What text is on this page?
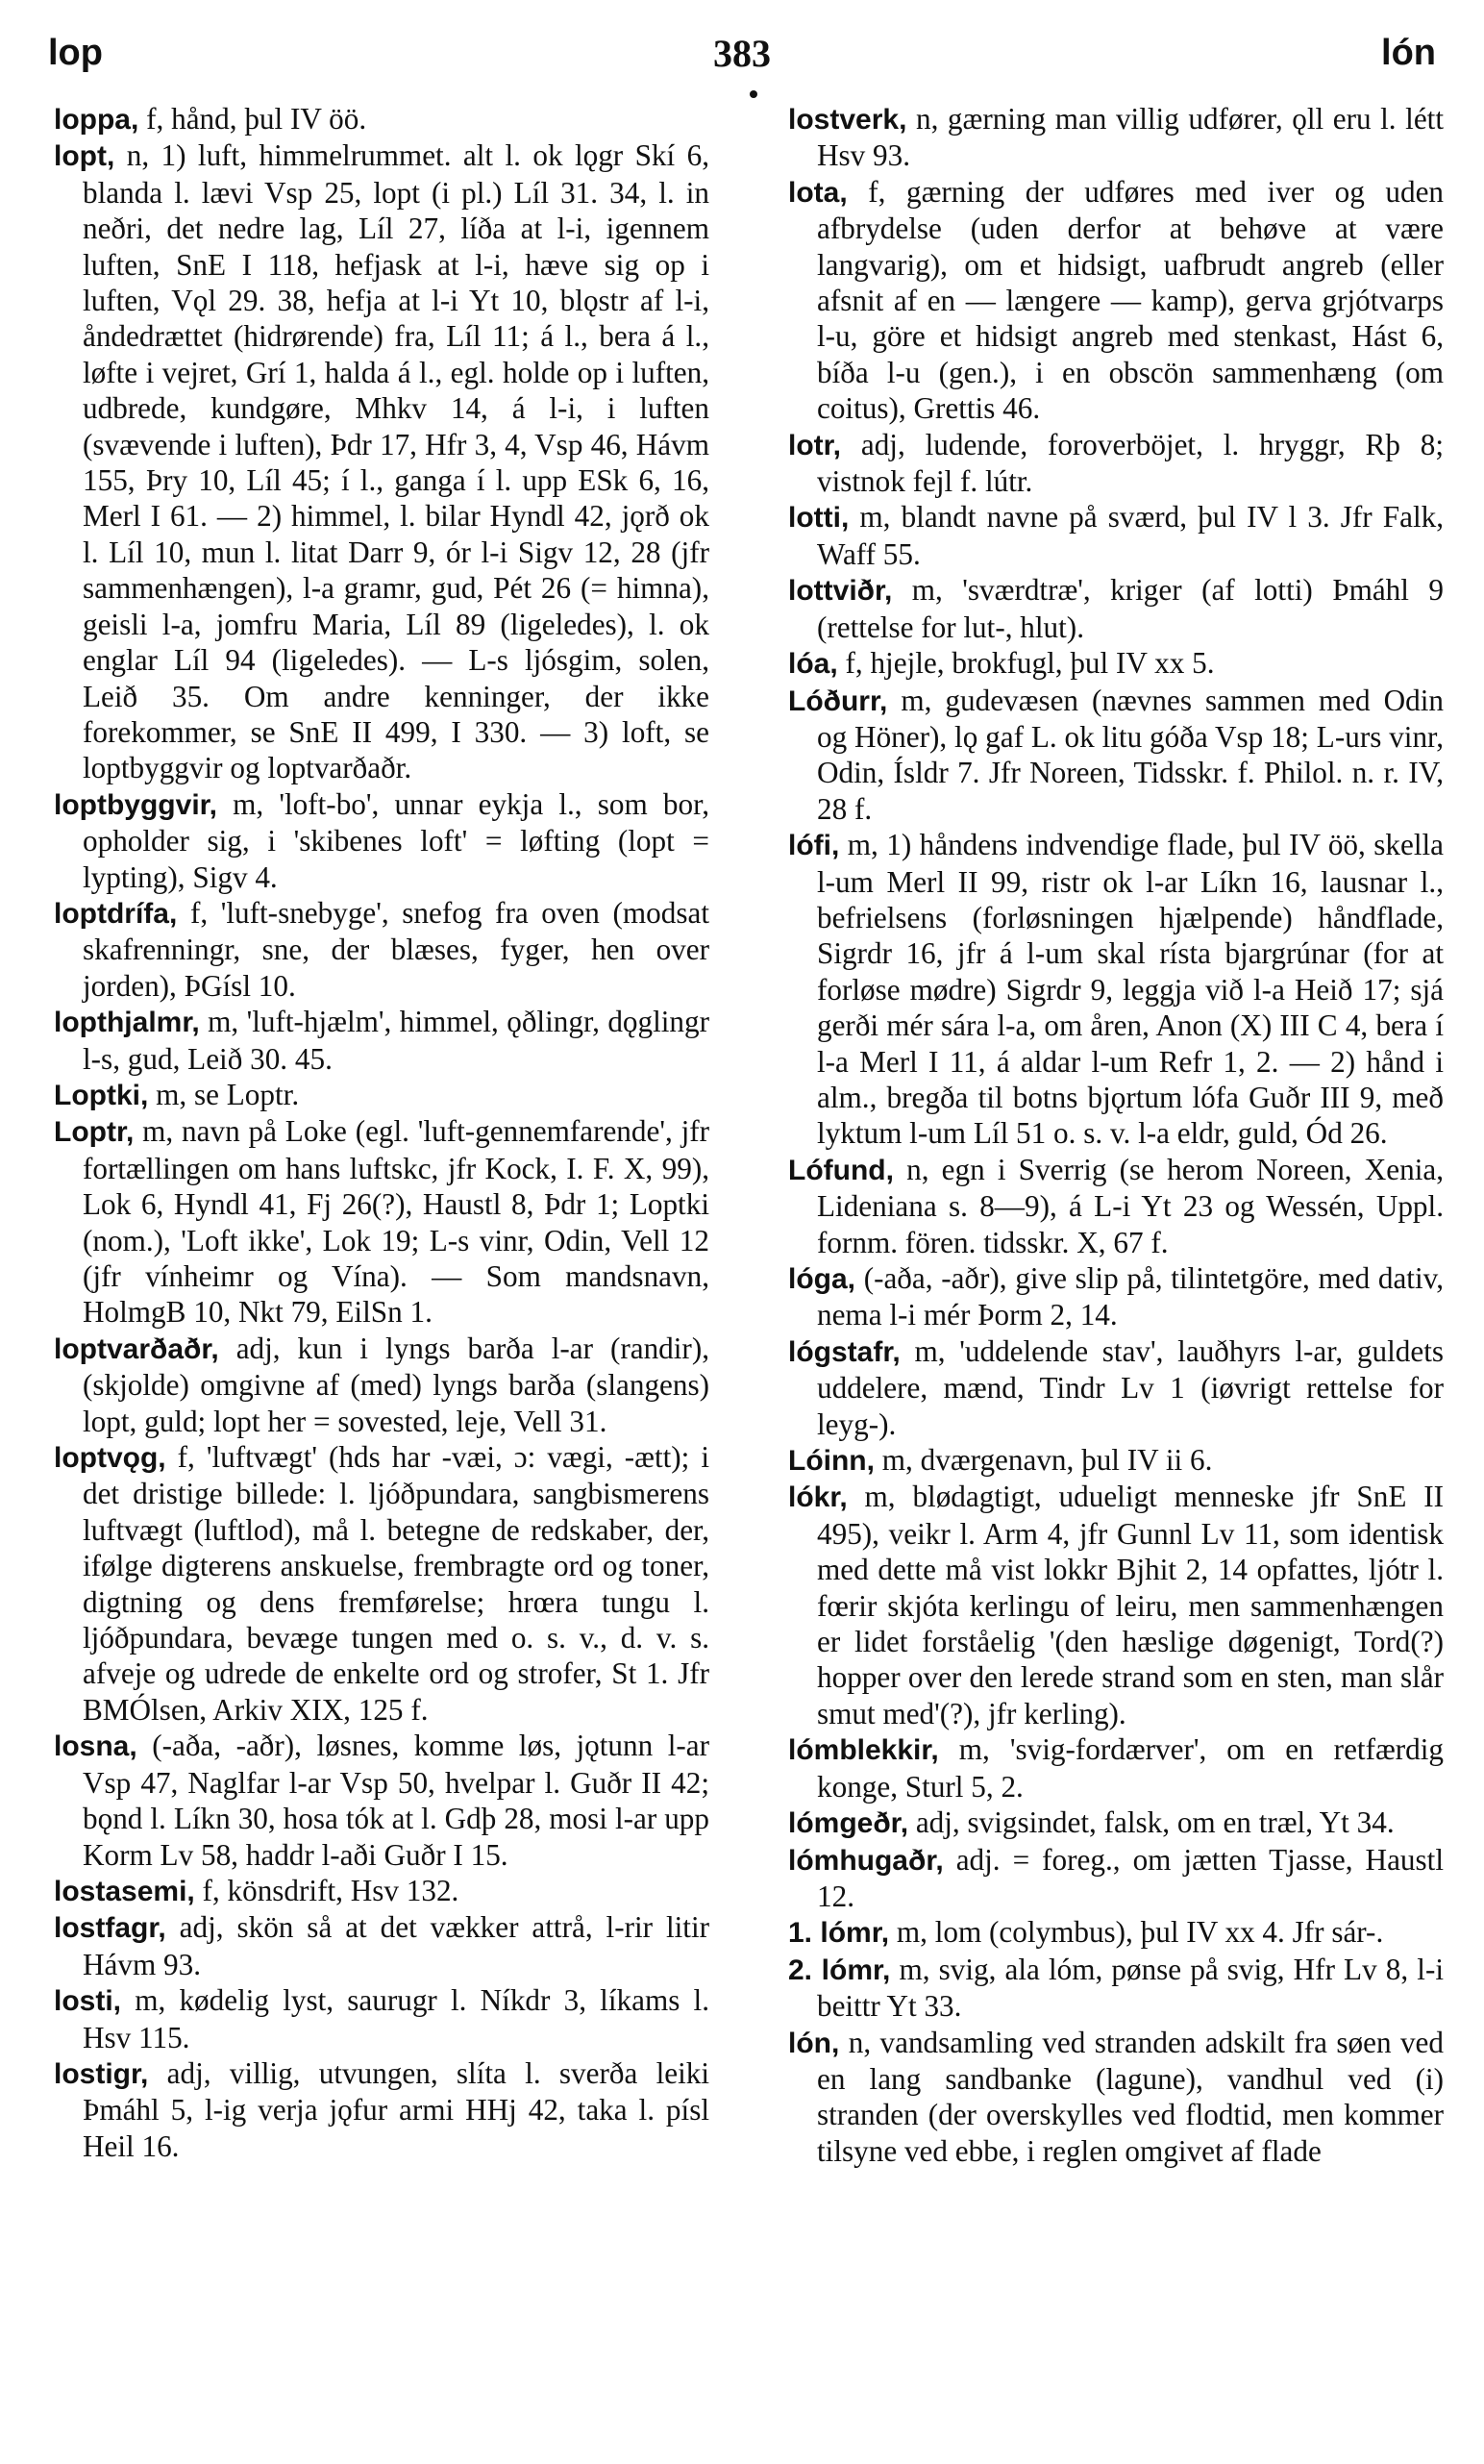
lop	383	lón

loppa, f, hånd, þul IV öö.

lopt, n, 1) luft, himmelrummet. alt l. ok lǫgr Skí 6, blanda l. lævi Vsp 25, lopt (i pl.) Líl 31. 34, l. in neðri, det nedre lag, Líl 27, líða at l-i, igennem luften, SnE I 118, hefjask at l-i, hæve sig op i luften, Vǫl 29. 38, hefja at l-i Yt 10, blǫstr af l-i, åndedrættet (hidrørende) fra, Líl 11; á l., bera á l., løfte i vejret, Grí 1, halda á l., egl. holde op i luften, udbrede, kundgøre, Mhkv 14, á l-i, i luften (svævende i luften), Þdr 17, Hfr 3, 4, Vsp 46, Hávm 155, Þry 10, Líl 45; í l., ganga í l. upp ESk 6, 16, Merl I 61. — 2) himmel, l. bilar Hyndl 42, jǫrð ok l. Líl 10, mun l. litat Darr 9, ór l-i Sigv 12, 28 (jfr sammenhængen), l-a gramr, gud, Pét 26 (= himna), geisli l-a, jomfru Maria, Líl 89 (ligeledes), l. ok englar Líl 94 (ligeledes). — L-s ljósgim, solen, Leið 35. Om andre kenninger, der ikke forekommer, se SnE II 499, I 330. — 3) loft, se loptbyggvir og loptvarðaðr.

loptbyggvir, m, 'loft-bo', unnar eykja l., som bor, opholder sig, i 'skibenes loft' = løfting (lopt = lypting), Sigv 4.

loptdrífa, f, 'luft-snebyge', snefog fra oven (modsat skafrenningr, sne, der blæses, fyger, hen over jorden), ÞGísl 10.

lopthjalmr, m, 'luft-hjælm', himmel, ǫðlingr, dǫglingr l-s, gud, Leið 30. 45.

Loptki, m, se Loptr.

Loptr, m, navn på Loke (egl. 'luft-gennemfarende', jfr fortællingen om hans luftskc, jfr Kock, I. F. X, 99), Lok 6, Hyndl 41, Fj 26(?), Haustl 8, Þdr 1; Loptki (nom.), 'Loft ikke', Lok 19; L-s vinr, Odin, Vell 12 (jfr vínheimr og Vína). — Som mandsnavn, HolmgB 10, Nkt 79, EilSn 1.

loptvarðaðr, adj, kun i lyngs barða l-ar (randir), (skjolde) omgivne af (med) lyngs barða (slangens) lopt, guld; lopt her = sovested, leje, Vell 31.

loptvǫg, f, 'luftvægt' (hds har -væi, ɔ: vægi, -ætt); i det dristige billede: l. ljóðpundara, sangbismerens luftvægt (luftlod), må l. betegne de redskaber, der, ifølge digterens anskuelse, frembragte ord og toner, digtning og dens fremførelse; hrœra tungu l. ljóðpundara, bevæge tungen med o. s. v., d. v. s. afveje og udrede de enkelte ord og strofer, St 1. Jfr BMÓlsen, Arkiv XIX, 125 f.

losna, (-aða, -aðr), løsnes, komme løs, jǫtunn l-ar Vsp 47, Naglfar l-ar Vsp 50, hvelpar l. Guðr II 42; bǫnd l. Líkn 30, hosa tók at l. Gdþ 28, mosi l-ar upp Korm Lv 58, haddr l-aði Guðr I 15.

lostasemi, f, könsdrift, Hsv 132.

lostfagr, adj, skön så at det vækker attrå, l-rir litir Hávm 93.

losti, m, kødelig lyst, saurugr l. Níkdr 3, líkams l. Hsv 115.

lostigr, adj, villig, utvungen, slíta l. sverða leiki Þmáhl 5, l-ig verja jǫfur armi HHj 42, taka l. písl Heil 16.

lostverk, n, gærning man villig udfører, ǫll eru l. létt Hsv 93.

lota, f, gærning der udføres med iver og uden afbrydelse (uden derfor at behøve at være langvarig), om et hidsigt, uafbrudt angreb (eller afsnit af en — længere — kamp), gerva grjótvarps l-u, göre et hidsigt angreb med stenkast, Hást 6, bíða l-u (gen.), i en obscön sammenhæng (om coitus), Grettis 46.

lotr, adj, ludende, foroverböjet, l. hryggr, Rþ 8; vistnok fejl f. lútr.

lotti, m, blandt navne på sværd, þul IV l 3. Jfr Falk, Waff 55.

lottviðr, m, 'sværdtræ', kriger (af lotti) Þmáhl 9 (rettelse for lut-, hlut).

lóa, f, hjejle, brokfugl, þul IV xx 5.

Lóðurr, m, gudevæsen (nævnes sammen med Odin og Höner), lǫ gaf L. ok litu góða Vsp 18; L-urs vinr, Odin, Ísldr 7. Jfr Noreen, Tidsskr. f. Philol. n. r. IV, 28 f.

lófi, m, 1) håndens indvendige flade, þul IV öö, skella l-um Merl II 99, ristr ok l-ar Líkn 16, lausnar l., befrielsens (forløsningen hjælpende) håndflade, Sigrdr 16, jfr á l-um skal rísta bjargrúnar (for at forløse mødre) Sigrdr 9, leggja við l-a Heið 17; sjá gerði mér sára l-a, om åren, Anon (X) III C 4, bera í l-a Merl I 11, á aldar l-um Refr 1, 2. — 2) hånd i alm., bregða til botns bjǫrtum lófa Guðr III 9, með lyktum l-um Líl 51 o. s. v. l-a eldr, guld, Ód 26.

Lófund, n, egn i Sverrig (se herom Noreen, Xenia, Lideniana s. 8—9), á L-i Yt 23 og Wessén, Uppl. fornm. fören. tidsskr. X, 67 f.

lóga, (-aða, -aðr), give slip på, tilintetgöre, med dativ, nema l-i mér Þorm 2, 14.

lógstafr, m, 'uddelende stav', lauðhyrs l-ar, guldets uddelere, mænd, Tindr Lv 1 (iøvrigt rettelse for leyg-).

Lóinn, m, dværgenavn, þul IV ii 6.

lókr, m, blødagtigt, udueligt menneske jfr SnE II 495), veikr l. Arm 4, jfr Gunnl Lv 11, som identisk med dette må vist lokkr Bjhit 2, 14 opfattes, ljótr l. fœrir skjóta kerlingu of leiru, men sammenhængen er lidet forståelig '(den hæslige døgenigt, Tord(?) hopper over den lerede strand som en sten, man slår smut med'(?), jfr kerling).

lómblekkir, m, 'svig-fordærver', om en retfærdig konge, Sturl 5, 2.

lómgeðr, adj, svigsindet, falsk, om en træl, Yt 34.

lómhugaðr, adj. = foreg., om jætten Tjasse, Haustl 12.

1. lómr, m, lom (colymbus), þul IV xx 4. Jfr sár-.

2. lómr, m, svig, ala lóm, pønse på svig, Hfr Lv 8, l-i beittr Yt 33.

lón, n, vandsamling ved stranden adskilt fra søen ved en lang sandbanke (lagune), vandhul ved (i) stranden (der overskylles ved flodtid, men kommer tilsyne ved ebbe, i reglen omgivet af flade
